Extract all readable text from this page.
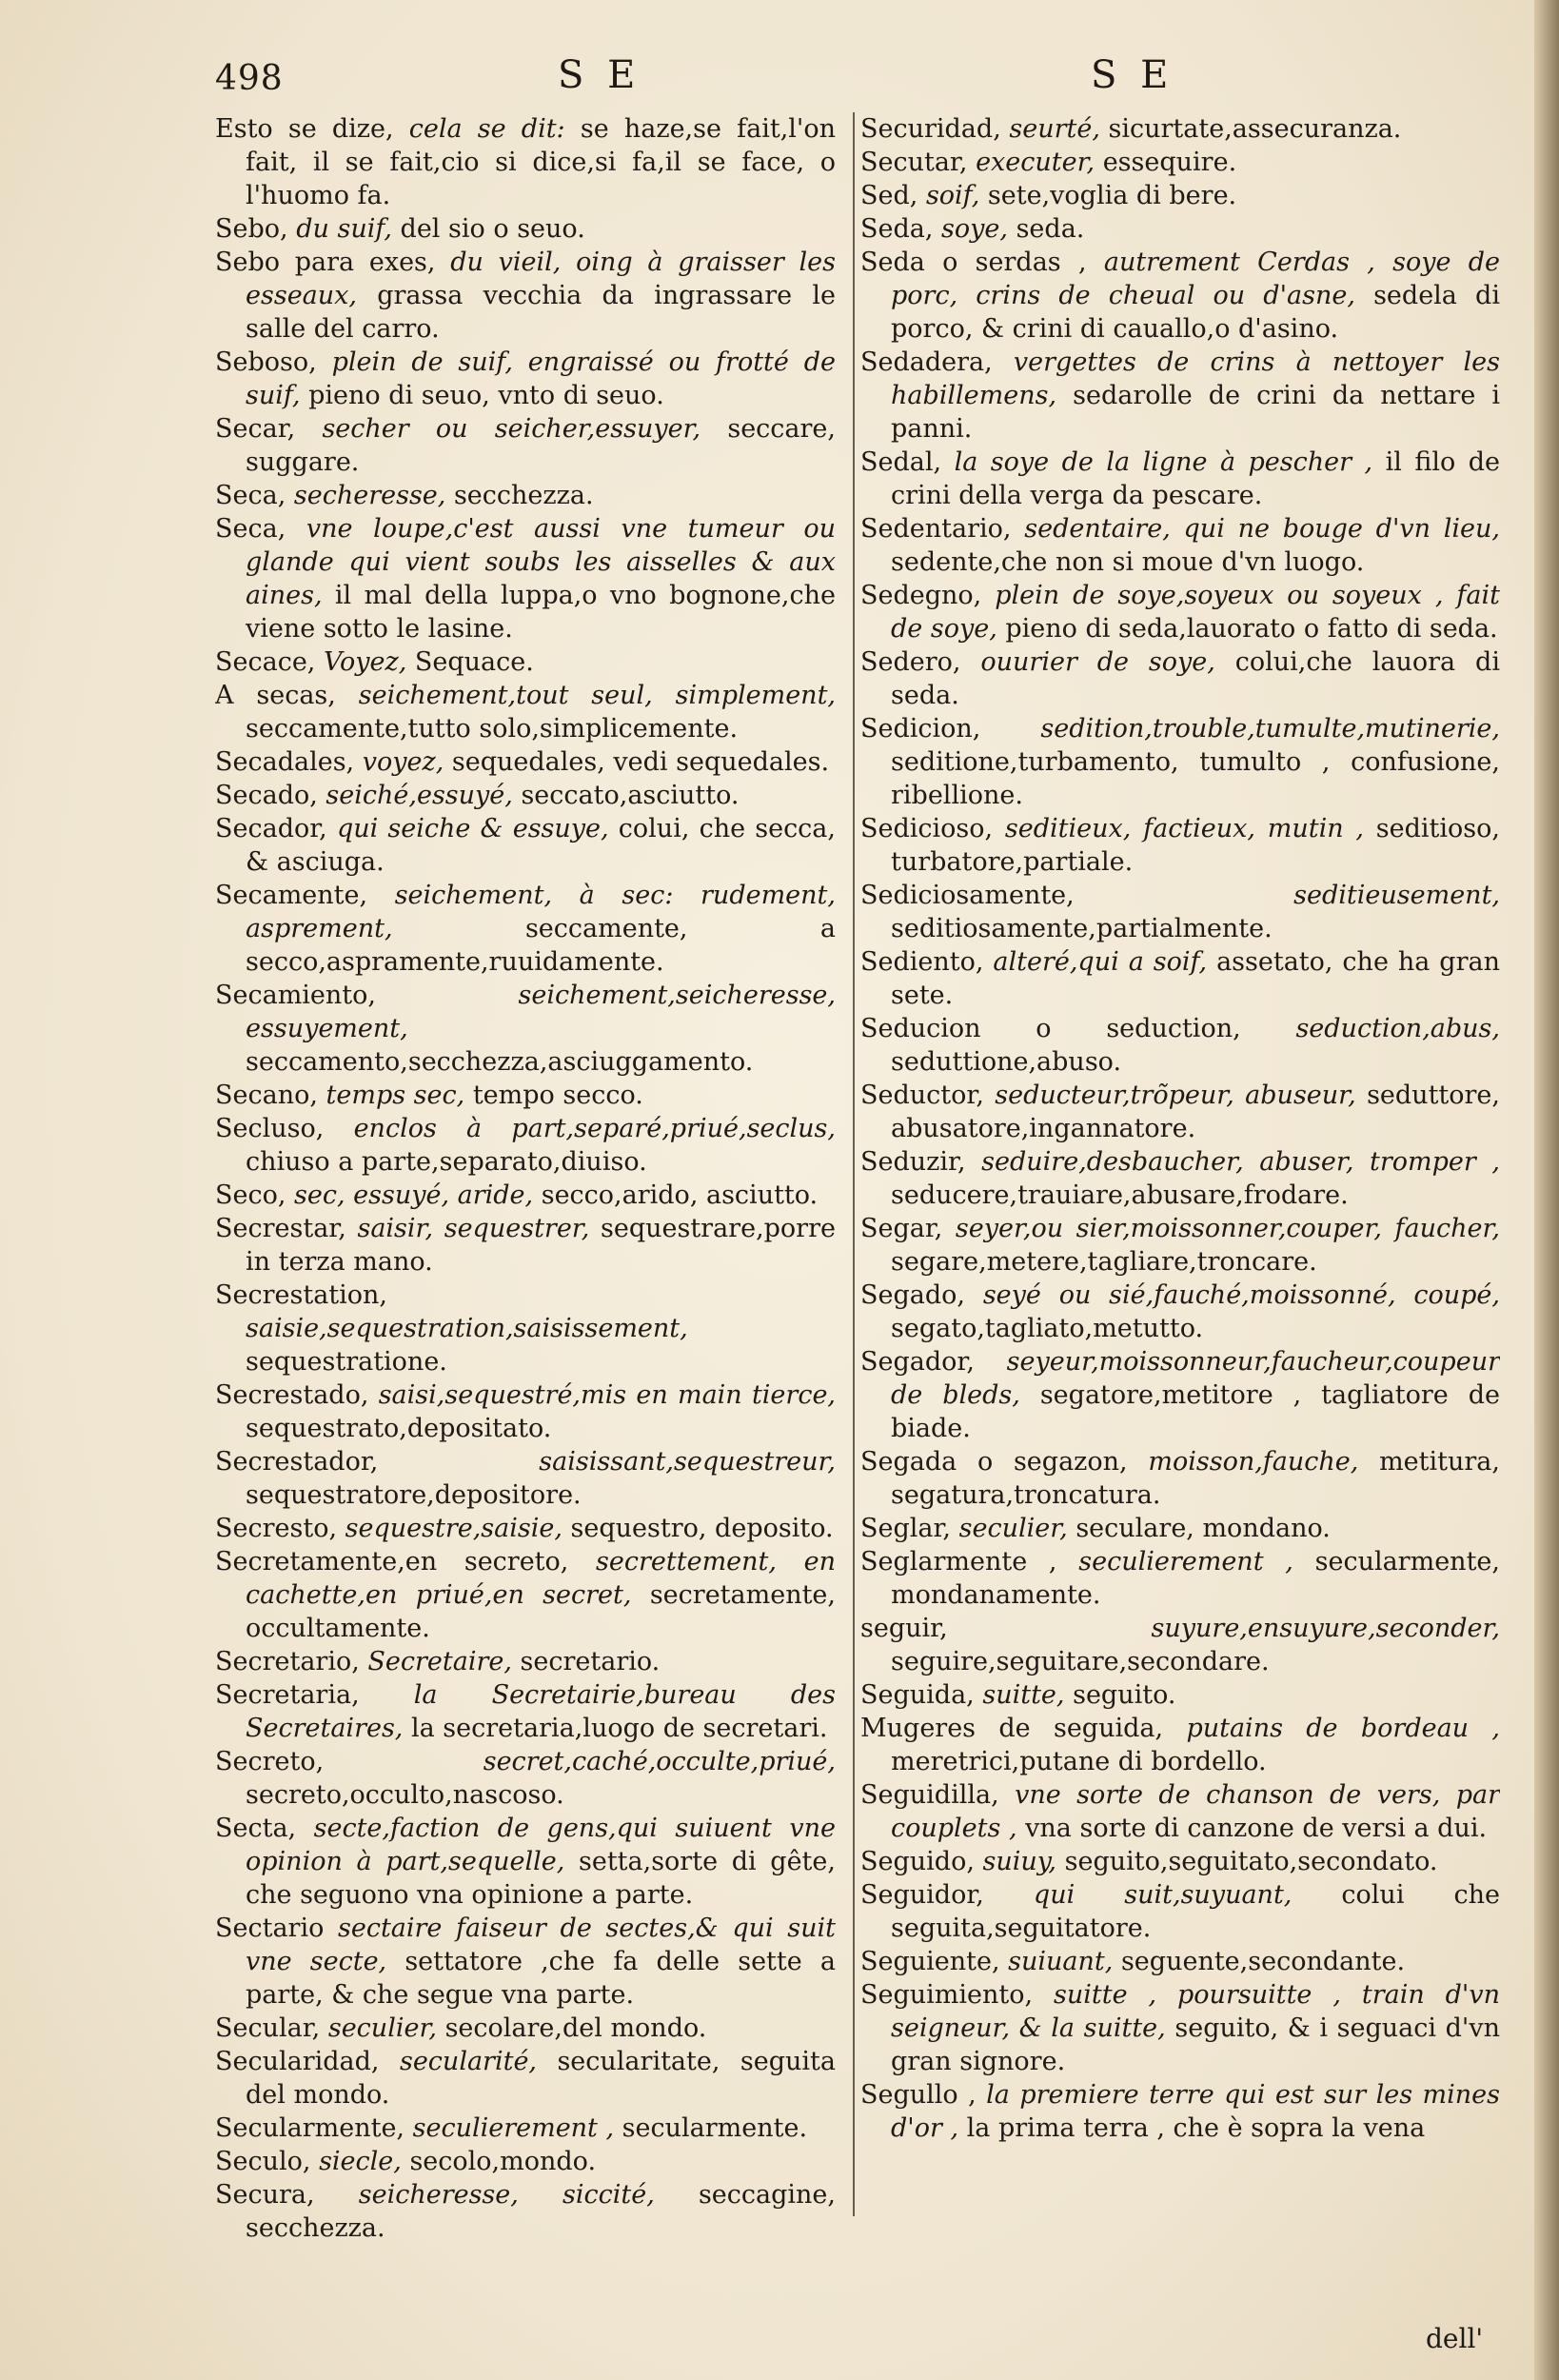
498	S E	S E

Esto se dize, cela se dit: se haze,se fait,l'on fait, il se fait,cio si dice,si fa,il se face, o l'huomo fa.

Sebo, du suif, del sio o seuo.

Sebo para exes, du vieil, oing à graisser les esseaux, grassa vecchia da ingrassare le salle del carro.

Seboso, plein de suif, engraissé ou frotté de suif, pieno di seuo, vnto di seuo.

Secar, secher ou seicher,essuyer, seccare, suggare.

Seca, secheresse, secchezza.

Seca, vne loupe,c'est aussi vne tumeur ou glande qui vient soubs les aisselles & aux aines, il mal della luppa,o vno bognone,che viene sotto le lasine.

Secace, Voyez, Sequace.

A secas, seichement,tout seul, simplement, seccamente,tutto solo,simplicemente.

Secadales, voyez, sequedales, vedi sequedales.

Secado, seiché,essuyé, seccato,asciutto.

Secador, qui seiche & essuye, colui, che secca, & asciuga.

Secamente, seichement, à sec: rudement, asprement,	seccamente, a secco,aspramente,ruuidamente.

Secamiento,	seichement,seicheresse, essuyement, seccamento,secchezza,asciuggamento.

Secano, temps sec, tempo secco.

Secluso, enclos à part,separé,priué,seclus, chiuso a parte,separato,diuiso.

Seco, sec, essuyé, aride, secco,arido, asciutto.

Secrestar, saisir, sequestrer, sequestrare,porre in terza mano.

Secrestation, saisie,sequestration,saisissement, sequestratione.

Secrestado, saisi,sequestré,mis en main tierce, sequestrato,depositato.

Secrestador,	saisissant,sequestreur, sequestratore,depositore.

Secresto, sequestre,saisie, sequestro, deposito.

Secretamente,en secreto, secrettement, en cachette,en priué,en secret, secretamente, occultamente.

Secretario, Secretaire, secretario.

Secretaria, la Secretairie,bureau des Secretaires, la secretaria,luogo de secretari.

Secreto,	secret,caché,occulte,priué, secreto,occulto,nascoso.

Secta, secte,faction de gens,qui suiuent vne opinion à part,sequelle, setta,sorte di gête, che seguono vna opinione a parte.

Sectario sectaire faiseur de sectes,& qui suit vne secte, settatore ,che fa delle sette a parte, & che segue vna parte.

Secular, seculier, secolare,del mondo.

Secularidad, secularité, secularitate, seguita del mondo.

Secularmente, seculierement , secularmente.

Seculo, siecle, secolo,mondo.

Secura, seicheresse, siccité, seccagine, secchezza.

Securidad, seurté, sicurtate,assecuranza.

Secutar, executer, essequire.

Sed, soif, sete,voglia di bere.

Seda, soye, seda.

Seda o serdas , autrement Cerdas , soye de porc, crins de cheual ou d'asne, sedela di porco, & crini di cauallo,o d'asino.

Sedadera, vergettes de crins à nettoyer les habillemens, sedarolle de crini da nettare i panni.

Sedal, la soye de la ligne à pescher , il filo de crini della verga da pescare.

Sedentario, sedentaire, qui ne bouge d'vn lieu, sedente,che non si moue d'vn luogo.

Sedegno, plein de soye,soyeux ou soyeux , fait de soye, pieno di seda,lauorato o fatto di seda.

Sedero, ouurier de soye, colui,che lauora di seda.

Sedicion, sedition,trouble,tumulte,mutinerie, seditione,turbamento, tumulto , confusione, ribellione.

Sedicioso, seditieux, factieux, mutin , seditioso, turbatore,partiale.

Sediciosamente,	seditieusement, seditiosamente,partialmente.

Sediento, alteré,qui a soif, assetato, che ha gran sete.

Seducion o seduction, seduction,abus, seduttione,abuso.

Seductor, seducteur,trõpeur, abuseur, seduttore, abusatore,ingannatore.

Seduzir, seduire,desbaucher, abuser, tromper , seducere,trauiare,abusare,frodare.

Segar, seyer,ou sier,moissonner,couper, faucher, segare,metere,tagliare,troncare.

Segado, seyé ou sié,fauché,moissonné, coupé, segato,tagliato,metutto.

Segador, seyeur,moissonneur,faucheur,coupeur de bleds, segatore,metitore , tagliatore de biade.

Segada o segazon, moisson,fauche, metitura, segatura,troncatura.

Seglar, seculier, seculare, mondano.

Seglarmente , seculierement , secularmente, mondanamente.

seguir,	suyure,ensuyure,seconder, seguire,seguitare,secondare.

Seguida, suitte, seguito.

Mugeres de seguida, putains de bordeau , meretrici,putane di bordello.

Seguidilla, vne sorte de chanson de vers, par couplets , vna sorte di canzone de versi a dui.

Seguido, suiuy, seguito,seguitato,secondato.

Seguidor, qui suit,suyuant, colui che seguita,seguitatore.

Seguiente, suiuant, seguente,secondante.

Seguimiento, suitte , poursuitte , train d'vn seigneur, & la suitte, seguito, & i seguaci d'vn gran signore.

Segullo , la premiere terre qui est sur les mines d'or , la prima terra , che è sopra la vena

dell'
